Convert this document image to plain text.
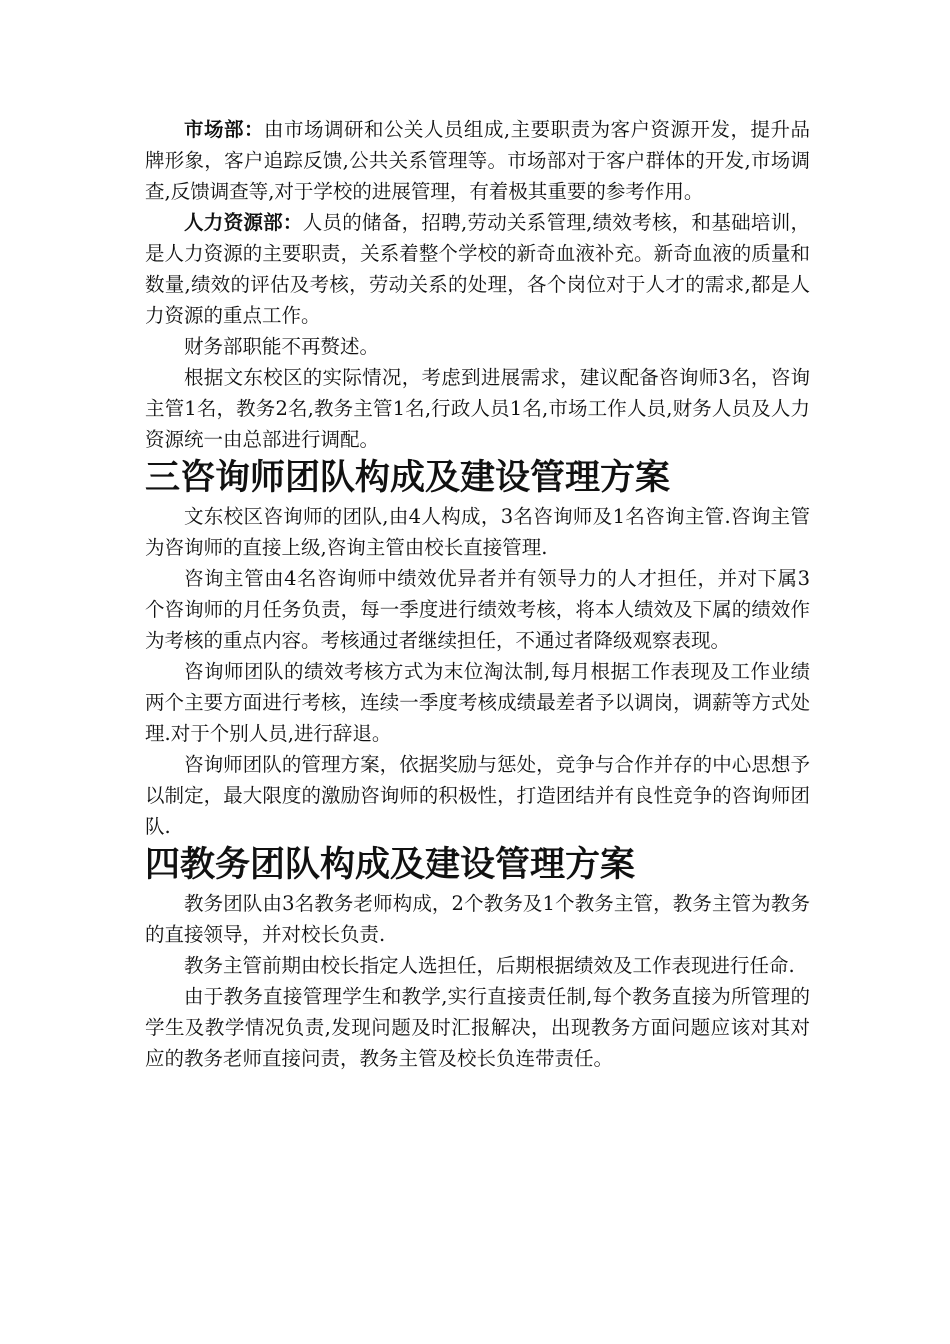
市场部：由市场调研和公关人员组成,主要职责为客户资源开发，提升品牌形象，客户追踪反馈,公共关系管理等。市场部对于客户群体的开发,市场调查,反馈调查等,对于学校的进展管理，有着极其重要的参考作用。

人力资源部：人员的储备，招聘,劳动关系管理,绩效考核，和基础培训，是人力资源的主要职责，关系着整个学校的新奇血液补充。新奇血液的质量和数量,绩效的评估及考核，劳动关系的处理，各个岗位对于人才的需求,都是人力资源的重点工作。

财务部职能不再赘述。

根据文东校区的实际情况，考虑到进展需求，建议配备咨询师3名，咨询主管1名，教务2名,教务主管1名,行政人员1名,市场工作人员,财务人员及人力资源统一由总部进行调配。

三咨询师团队构成及建设管理方案

文东校区咨询师的团队,由4人构成，3名咨询师及1名咨询主管.咨询主管为咨询师的直接上级,咨询主管由校长直接管理.

咨询主管由4名咨询师中绩效优异者并有领导力的人才担任，并对下属3个咨询师的月任务负责，每一季度进行绩效考核，将本人绩效及下属的绩效作为考核的重点内容。考核通过者继续担任，不通过者降级观察表现。

咨询师团队的绩效考核方式为末位淘汰制,每月根据工作表现及工作业绩两个主要方面进行考核，连续一季度考核成绩最差者予以调岗，调薪等方式处理.对于个别人员,进行辞退。

咨询师团队的管理方案，依据奖励与惩处，竞争与合作并存的中心思想予以制定，最大限度的激励咨询师的积极性，打造团结并有良性竞争的咨询师团队.

四教务团队构成及建设管理方案

教务团队由3名教务老师构成，2个教务及1个教务主管，教务主管为教务的直接领导，并对校长负责.

教务主管前期由校长指定人选担任，后期根据绩效及工作表现进行任命.

由于教务直接管理学生和教学,实行直接责任制,每个教务直接为所管理的学生及教学情况负责,发现问题及时汇报解决，出现教务方面问题应该对其对应的教务老师直接问责，教务主管及校长负连带责任。
